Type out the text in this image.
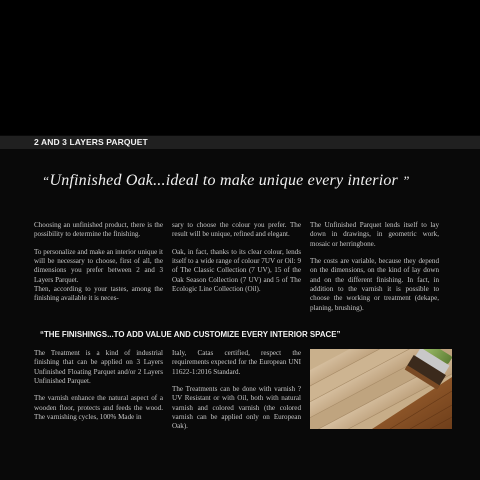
2 AND 3 LAYERS PARQUET
“Unfinished Oak...ideal to make unique every interior ”

Choosing an unfinished product, there is the possibility to determine the finishing.

To personalize and make an interior unique it will be necessary to choose, first of all, the dimensions you prefer between 2 and 3 Layers Parquet.

Then, according to your tastes, among the finishing available it is neces-

sary to choose the colour you prefer. The result will be unique, refined and elegant.

Oak, in fact, thanks to its clear colour, lends itself to a wide range of colour 7UV or Oil: 9 of The Classic Collection (7 UV), 15 of the Oak Season Collection (7 UV) and 5 of The Ecologic Line Collection (Oil).

The Unfinished Parquet lends itself to lay down in drawings, in geometric work, mosaic or herringbone.

The costs are variable, because they depend on the dimensions, on the kind of lay down and on the different finishing. In fact, in addition to the varnish it is possible to choose the working or treatment (dekape, planing, brushing).

“THE FINISHINGS...TO ADD VALUE AND CUSTOMIZE EVERY INTERIOR SPACE”

The Treatment is a kind of industrial finishing that can be applied on 3 Layers Unfinished Floating Parquet and/or 2 Layers Unfinished Parquet.

The varnish enhance the natural aspect of a wooden floor, protects and feeds the wood. The varnishing cycles, 100% Made in

Italy, Catas certified, respect the requirements expected for the European UNI 11622-1:2016 Standard.

The Treatments can be done with varnish ? UV Resistant or with Oil, both with natural varnish and colored varnish (the colored varnish can be applied only on European Oak).
